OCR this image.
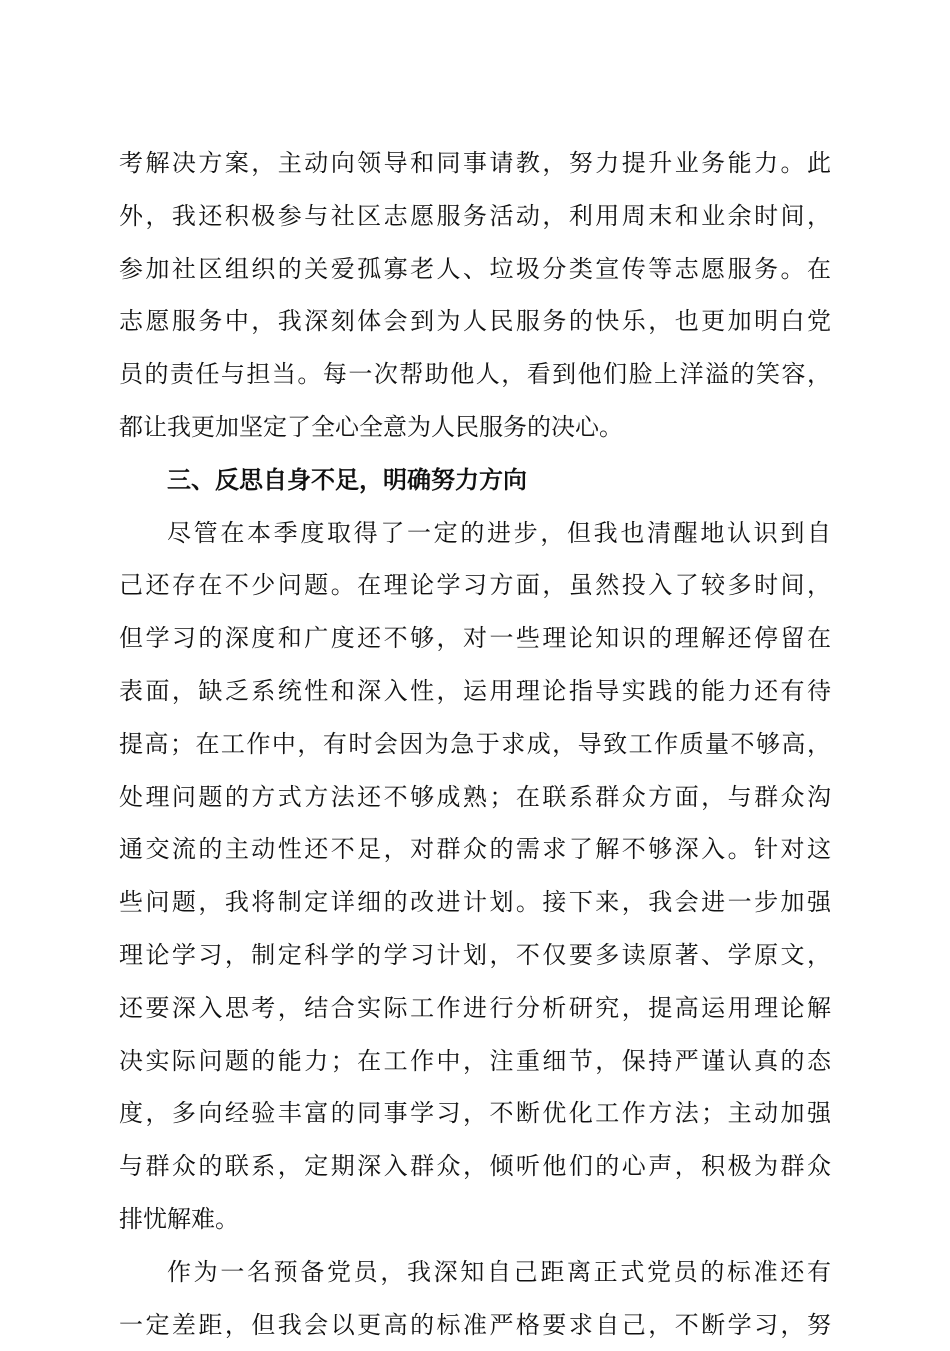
考解决方案，主动向领导和同事请教，努力提升业务能力。此
外，我还积极参与社区志愿服务活动，利用周末和业余时间，
参加社区组织的关爱孤寡老人、垃圾分类宣传等志愿服务。在
志愿服务中，我深刻体会到为人民服务的快乐，也更加明白党
员的责任与担当。每一次帮助他人，看到他们脸上洋溢的笑容，
都让我更加坚定了全心全意为人民服务的决心。
三、反思自身不足，明确努力方向
尽管在本季度取得了一定的进步，但我也清醒地认识到自
己还存在不少问题。在理论学习方面，虽然投入了较多时间，
但学习的深度和广度还不够，对一些理论知识的理解还停留在
表面，缺乏系统性和深入性，运用理论指导实践的能力还有待
提高；在工作中，有时会因为急于求成，导致工作质量不够高，
处理问题的方式方法还不够成熟；在联系群众方面，与群众沟
通交流的主动性还不足，对群众的需求了解不够深入。针对这
些问题，我将制定详细的改进计划。接下来，我会进一步加强
理论学习，制定科学的学习计划，不仅要多读原著、学原文，
还要深入思考，结合实际工作进行分析研究，提高运用理论解
决实际问题的能力；在工作中，注重细节，保持严谨认真的态
度，多向经验丰富的同事学习，不断优化工作方法；主动加强
与群众的联系，定期深入群众，倾听他们的心声，积极为群众
排忧解难。
作为一名预备党员，我深知自己距离正式党员的标准还有
一定差距，但我会以更高的标准严格要求自己，不断学习，努
